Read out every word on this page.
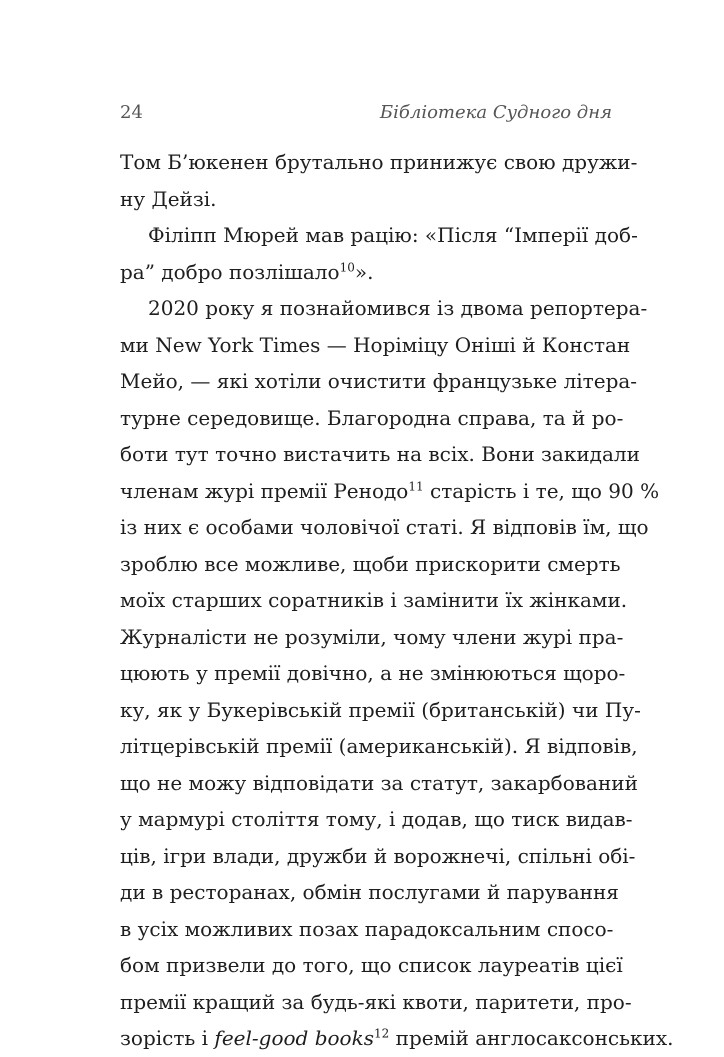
24	Бібліотека Судного дня
Том Б’юкенен брутально принижує свою дружи-
ну Дейзі.
Філіпп Мюрей мав рацію: «Після “Імперії доб-
ра” добро позлішало$^{10}$».
2020 року я познайомився із двома репортера-
ми New York Times — Норіміцу Оніші й Констан
Мейо, — які хотіли очистити французьке літера-
турне середовище. Благородна справа, та й ро-
боти тут точно вистачить на всіх. Вони закидали
членам журі премії Ренодо$^{11}$ старість і те, що 90 %
із них є особами чоловічої статі. Я відповів їм, що
зроблю все можливе, щоби прискорити смерть
моїх старших соратників і замінити їх жінками.
Журналісти не розуміли, чому члени журі пра-
цюють у премії довічно, а не змінюються щоро-
ку, як у Букерівській премії (британській) чи Пу-
літцерівській премії (американській). Я відповів,
що не можу відповідати за статут, закарбований
у мармурі століття тому, і додав, що тиск видав-
ців, ігри влади, дружби й ворожнечі, спільні обі-
ди в ресторанах, обмін послугами й парування
в усіх можливих позах парадоксальним спосо-
бом призвели до того, що список лауреатів цієї
премії кращий за будь-які квоти, паритети, про-
зорість і feel-good books$^{12}$ премій англосаксонських.
